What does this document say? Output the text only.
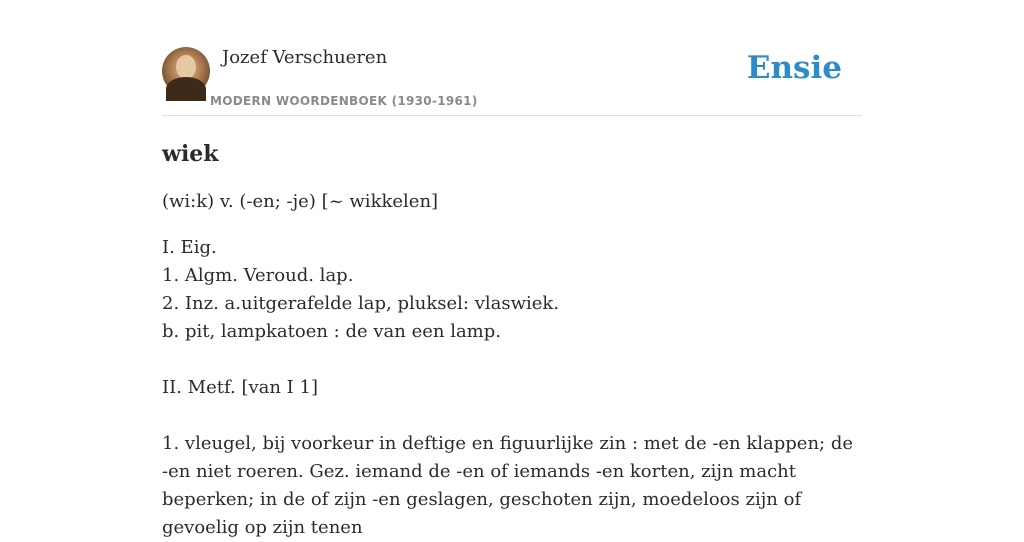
Jozef Verschueren
MODERN WOORDENBOEK (1930-1961)
Ensie
wiek
(wi:k) v. (-en; -je) [~ wikkelen]
I. Eig.
1. Algm. Veroud. lap.
2. Inz. a.uitgerafelde lap, pluksel: vlaswiek.
b. pit, lampkatoen : de van een lamp.
II. Metf. [van I 1]
1. vleugel, bij voorkeur in deftige en figuurlijke zin : met de -en klappen; de -en niet roeren. Gez. iemand de -en of iemands -en korten, zijn macht beperken; in de of zijn -en geslagen, geschoten zijn, moedeloos zijn of gevoelig op zijn tenen
